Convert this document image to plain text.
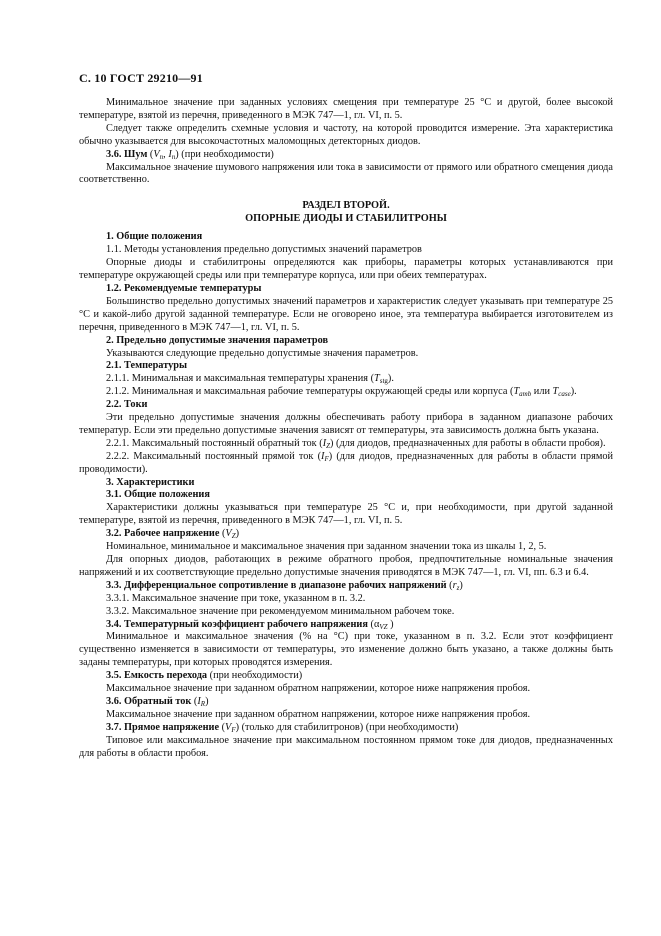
С. 10 ГОСТ 29210—91

Минимальное значение при заданных условиях смещения при температуре 25 °С и другой, более высокой температуре, взятой из перечня, приведенного в МЭК 747—1, гл. VI, п. 5.

Следует также определить схемные условия и частоту, на которой проводится измерение. Эта характеристика обычно указывается для высокочастотных маломощных детекторных диодов.

3.6. Шум ($V_n$, $I_n$) (при необходимости)

Максимальное значение шумового напряжения или тока в зависимости от прямого или обратного смещения диода соответственно.

РАЗДЕЛ ВТОРОЙ.
ОПОРНЫЕ ДИОДЫ И СТАБИЛИТРОНЫ

1. Общие положения

1.1. Методы установления предельно допустимых значений параметров

Опорные диоды и стабилитроны определяются как приборы, параметры которых устанавливаются при температуре окружающей среды или при температуре корпуса, или при обеих температурах.

1.2. Рекомендуемые температуры

Большинство предельно допустимых значений параметров и характеристик следует указывать при температуре 25 °С и какой-либо другой заданной температуре. Если не оговорено иное, эта температура выбирается изготовителем из перечня, приведенного в МЭК 747—1, гл. VI, п. 5.

2. Предельно допустимые значения параметров

Указываются следующие предельно допустимые значения параметров.

2.1. Температуры

2.1.1. Минимальная и максимальная температуры хранения $(T_{stg})$.

2.1.2. Минимальная и максимальная рабочие температуры окружающей среды или корпуса ($T_{amb}$ или $T_{case}$).

2.2. Токи

Эти предельно допустимые значения должны обеспечивать работу прибора в заданном диапазоне рабочих температур. Если эти предельно допустимые значения зависят от температуры, эта зависимость должна быть указана.

2.2.1. Максимальный постоянный обратный ток $(I_Z)$ (для диодов, предназначенных для работы в области пробоя).

2.2.2. Максимальный постоянный прямой ток $(I_F)$ (для диодов, предназначенных для работы в области прямой проводимости).

3. Характеристики

3.1. Общие положения

Характеристики должны указываться при температуре 25 °С и, при необходимости, при другой заданной температуре, взятой из перечня, приведенного в МЭК 747—1, гл. VI, п. 5.

3.2. Рабочее напряжение $(V_Z)$

Номинальное, минимальное и максимальное значения при заданном значении тока из шкалы 1, 2, 5.

Для опорных диодов, работающих в режиме обратного пробоя, предпочтительные номинальные значения напряжений и их соответствующие предельно допустимые значения приводятся в МЭК 747—1, гл. VI, пп. 6.3 и 6.4.

3.3. Дифференциальное сопротивление в диапазоне рабочих напряжений $(r_z)$

3.3.1. Максимальное значение при токе, указанном в п. 3.2.

3.3.2. Максимальное значение при рекомендуемом минимальном рабочем токе.

3.4. Температурный коэффициент рабочего напряжения ($\alpha_{VZ}$ )

Минимальное и максимальное значения (% на °С) при токе, указанном в п. 3.2. Если этот коэффициент существенно изменяется в зависимости от температуры, это изменение должно быть указано, а также должны быть заданы температуры, при которых проводятся измерения.

3.5. Емкость перехода (при необходимости)

Максимальное значение при заданном обратном напряжении, которое ниже напряжения пробоя.

3.6. Обратный ток $(I_R)$

Максимальное значение при заданном обратном напряжении, которое ниже напряжения пробоя.

3.7. Прямое напряжение $(V_F)$ (только для стабилитронов) (при необходимости)

Типовое или максимальное значение при максимальном постоянном прямом токе для диодов, предназначенных для работы в области пробоя.
